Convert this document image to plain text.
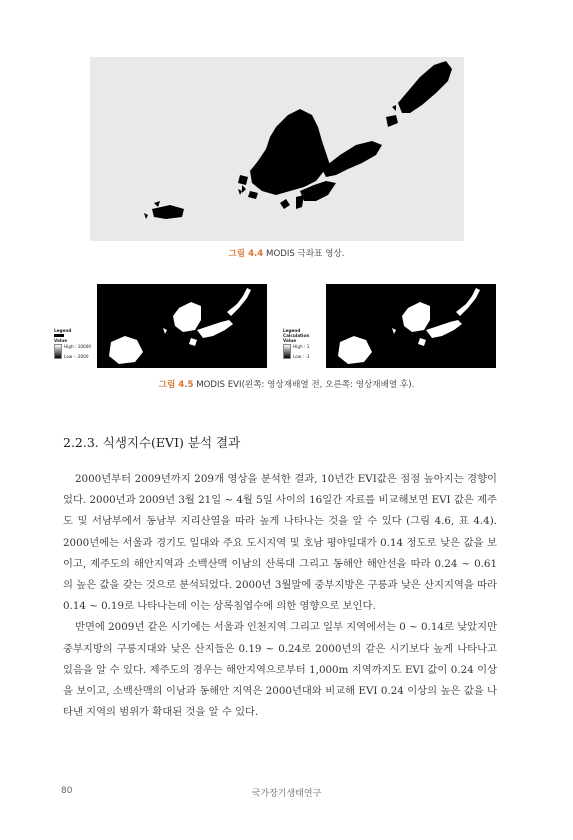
그림 4.4 MODIS 극좌표 영상.
Legend
Value
High : 10000

Low : -2000
Legend
Calculation Value
High : 1

Low : -1
그림 4.5 MODIS EVI(왼쪽: 영상재배열 전, 오른쪽: 영상재배열 후).
2.2.3. 식생지수(EVI) 분석 결과

2000년부터 2009년까지 209개 영상을 분석한 결과, 10년간 EVI값은 점점 높아지는 경향이었다. 2000년과 2009년 3월 21일 ~ 4월 5일 사이의 16일간 자료를 비교해보면 EVI 값은 제주도 및 서남부에서 동남부 지리산열을 따라 높게 나타나는 것을 알 수 있다 (그림 4.6, 표 4.4). 2000년에는 서울과 경기도 일대와 주요 도시지역 및 호남 평야일대가 0.14 정도로 낮은 값을 보이고, 제주도의 해안지역과 소백산맥 이남의 산록대 그리고 동해안 해안선을 따라 0.24 ~ 0.61의 높은 값을 갖는 것으로 분석되었다. 2000년 3월말에 중부지방은 구릉과 낮은 산지지역을 따라 0.14 ~ 0.19로 나타나는데 이는 상록침엽수에 의한 영향으로 보인다.

반면에 2009년 같은 시기에는 서울과 인천지역 그리고 일부 지역에서는 0 ~ 0.14로 낮았지만 중부지방의 구릉지대와 낮은 산지들은 0.19 ~ 0.24로 2000년의 같은 시기보다 높게 나타나고 있음을 알 수 있다. 제주도의 경우는 해안지역으로부터 1,000m 지역까지도 EVI 값이 0.24 이상을 보이고, 소백산맥의 이남과 동해안 지역은 2000년대와 비교해 EVI 0.24 이상의 높은 값을 나타낸 지역의 범위가 확대된 것을 알 수 있다.

80	국가장기생태연구
